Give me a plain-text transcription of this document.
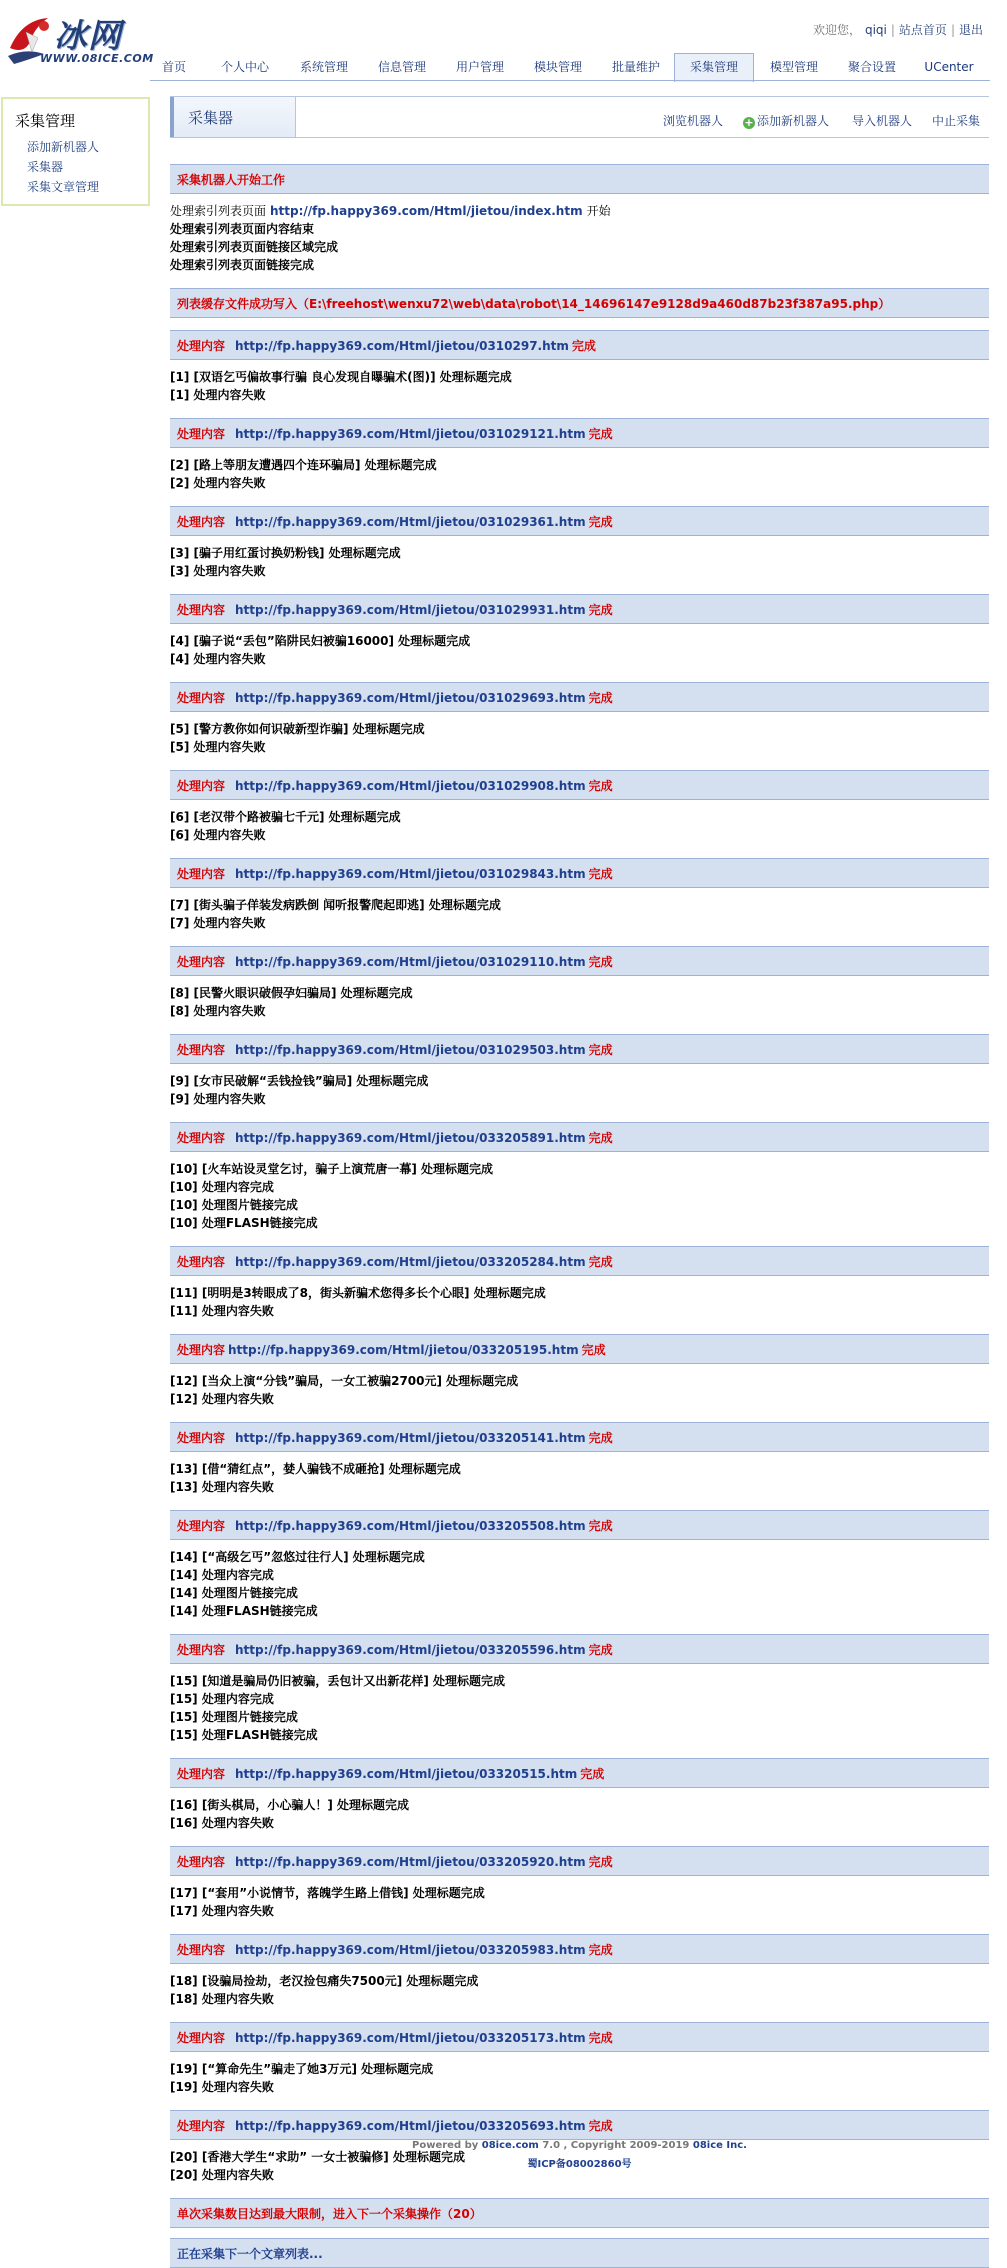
冰网
WWW.08ICE.COM
欢迎您， qiqi | 站点首页 | 退出
首页	个人中心	系统管理	信息管理	用户管理	模块管理	批量维护	采集管理	模型管理	聚合设置	UCenter
采集管理
添加新机器人
采集器
采集文章管理
采集器	浏览机器人 + 添加新机器人 导入机器人 中止采集
采集机器人开始工作
处理索引列表页面 http://fp.happy369.com/Html/jietou/index.htm 开始
处理索引列表页面内容结束
处理索引列表页面链接区域完成
处理索引列表页面链接完成
列表缓存文件成功写入（E:\freehost\wenxu72\web\data\robot\14_14696147e9128d9a460d87b23f387a95.php）
处理内容 http://fp.happy369.com/Html/jietou/0310297.htm 完成
[1] [双语乞丐偏故事行骗 良心发现自曝骗术(图)] 处理标题完成
[1] 处理内容失败
处理内容 http://fp.happy369.com/Html/jietou/031029121.htm 完成
[2] [路上等朋友遭遇四个连环骗局] 处理标题完成
[2] 处理内容失败
处理内容 http://fp.happy369.com/Html/jietou/031029361.htm 完成
[3] [骗子用红蛋讨换奶粉钱] 处理标题完成
[3] 处理内容失败
处理内容 http://fp.happy369.com/Html/jietou/031029931.htm 完成
[4] [骗子说“丢包”陷阱民妇被骗16000] 处理标题完成
[4] 处理内容失败
处理内容 http://fp.happy369.com/Html/jietou/031029693.htm 完成
[5] [警方教你如何识破新型诈骗] 处理标题完成
[5] 处理内容失败
处理内容 http://fp.happy369.com/Html/jietou/031029908.htm 完成
[6] [老汉带个路被骗七千元] 处理标题完成
[6] 处理内容失败
处理内容 http://fp.happy369.com/Html/jietou/031029843.htm 完成
[7] [街头骗子佯装发病跌倒 闻听报警爬起即逃] 处理标题完成
[7] 处理内容失败
处理内容 http://fp.happy369.com/Html/jietou/031029110.htm 完成
[8] [民警火眼识破假孕妇骗局] 处理标题完成
[8] 处理内容失败
处理内容 http://fp.happy369.com/Html/jietou/031029503.htm 完成
[9] [女市民破解“丢钱捡钱”骗局] 处理标题完成
[9] 处理内容失败
处理内容 http://fp.happy369.com/Html/jietou/033205891.htm 完成
[10] [火车站设灵堂乞讨，骗子上演荒唐一幕] 处理标题完成
[10] 处理内容完成
[10] 处理图片链接完成
[10] 处理FLASH链接完成
处理内容 http://fp.happy369.com/Html/jietou/033205284.htm 完成
[11] [明明是3转眼成了8，街头新骗术您得多长个心眼] 处理标题完成
[11] 处理内容失败
处理内容 http://fp.happy369.com/Html/jietou/033205195.htm 完成
[12] [当众上演“分钱”骗局，一女工被骗2700元] 处理标题完成
[12] 处理内容失败
处理内容 http://fp.happy369.com/Html/jietou/033205141.htm 完成
[13] [借“猜红点”，婪人骗钱不成砸抢] 处理标题完成
[13] 处理内容失败
处理内容 http://fp.happy369.com/Html/jietou/033205508.htm 完成
[14] [“高级乞丐”忽悠过往行人] 处理标题完成
[14] 处理内容完成
[14] 处理图片链接完成
[14] 处理FLASH链接完成
处理内容 http://fp.happy369.com/Html/jietou/033205596.htm 完成
[15] [知道是骗局仍旧被骗，丢包计又出新花样] 处理标题完成
[15] 处理内容完成
[15] 处理图片链接完成
[15] 处理FLASH链接完成
处理内容 http://fp.happy369.com/Html/jietou/03320515.htm 完成
[16] [街头棋局，小心骗人！] 处理标题完成
[16] 处理内容失败
处理内容 http://fp.happy369.com/Html/jietou/033205920.htm 完成
[17] [“套用”小说情节，落魄学生路上借钱] 处理标题完成
[17] 处理内容失败
处理内容 http://fp.happy369.com/Html/jietou/033205983.htm 完成
[18] [设骗局捡劫，老汉捡包痛失7500元] 处理标题完成
[18] 处理内容失败
处理内容 http://fp.happy369.com/Html/jietou/033205173.htm 完成
[19] [“算命先生”骗走了她3万元] 处理标题完成
[19] 处理内容失败
处理内容 http://fp.happy369.com/Html/jietou/033205693.htm 完成
[20] [香港大学生“求助” 一女士被骗修] 处理标题完成
[20] 处理内容失败
单次采集数目达到最大限制，进入下一个采集操作（20）
正在采集下一个文章列表...
Powered by 08ice.com 7.0 , Copyright 2009-2019 08ice Inc.
蜀ICP备08002860号
